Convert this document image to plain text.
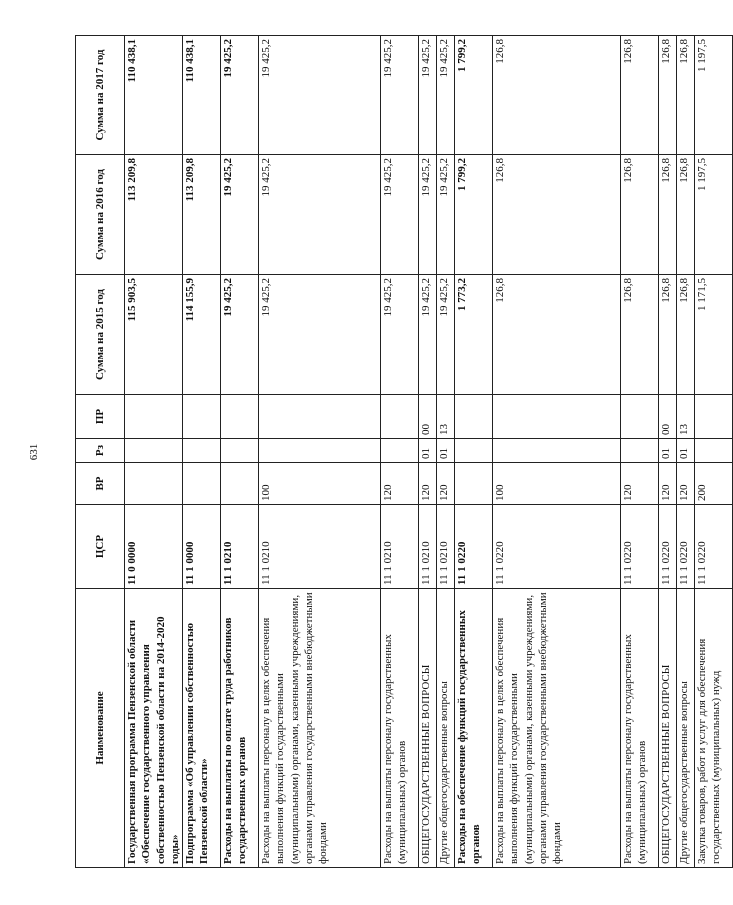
631
Наименование	ЦСР	ВР	Рз	ПР	Сумма на 2015 год	Сумма на 2016 год	Сумма на 2017 год
Государственная программа Пензенской области «Обеспечение государственного управления собственностью Пензенской области на 2014-2020 годы»	11 0 0000				115 903,5	113 209,8	110 438,1
Подпрограмма «Об управлении собственностью Пензенской области»	11 1 0000				114 155,9	113 209,8	110 438,1
Расходы на выплаты по оплате труда работников государственных органов	11 1 0210				19 425,2	19 425,2	19 425,2
Расходы на выплаты персоналу в целях обеспечения выполнения функций государственными (муниципальными) органами, казенными учреждениями, органами управления государственными внебюджетными фондами	11 1 0210	100			19 425,2	19 425,2	19 425,2
Расходы на выплаты персоналу государственных (муниципальных) органов	11 1 0210	120			19 425,2	19 425,2	19 425,2
ОБЩЕГОСУДАРСТВЕННЫЕ ВОПРОСЫ	11 1 0210	120	01	00	19 425,2	19 425,2	19 425,2
Другие общегосударственные вопросы	11 1 0210	120	01	13	19 425,2	19 425,2	19 425,2
Расходы на обеспечение функций государственных органов	11 1 0220				1 773,2	1 799,2	1 799,2
Расходы на выплаты персоналу в целях обеспечения выполнения функций государственными (муниципальными) органами, казенными учреждениями, органами управления государственными внебюджетными фондами	11 1 0220	100			126,8	126,8	126,8
Расходы на выплаты персоналу государственных (муниципальных) органов	11 1 0220	120			126,8	126,8	126,8
ОБЩЕГОСУДАРСТВЕННЫЕ ВОПРОСЫ	11 1 0220	120	01	00	126,8	126,8	126,8
Другие общегосударственные вопросы	11 1 0220	120	01	13	126,8	126,8	126,8
Закупка товаров, работ и услуг для обеспечения государственных (муниципальных) нужд	11 1 0220	200			1 171,5	1 197,5	1 197,5
